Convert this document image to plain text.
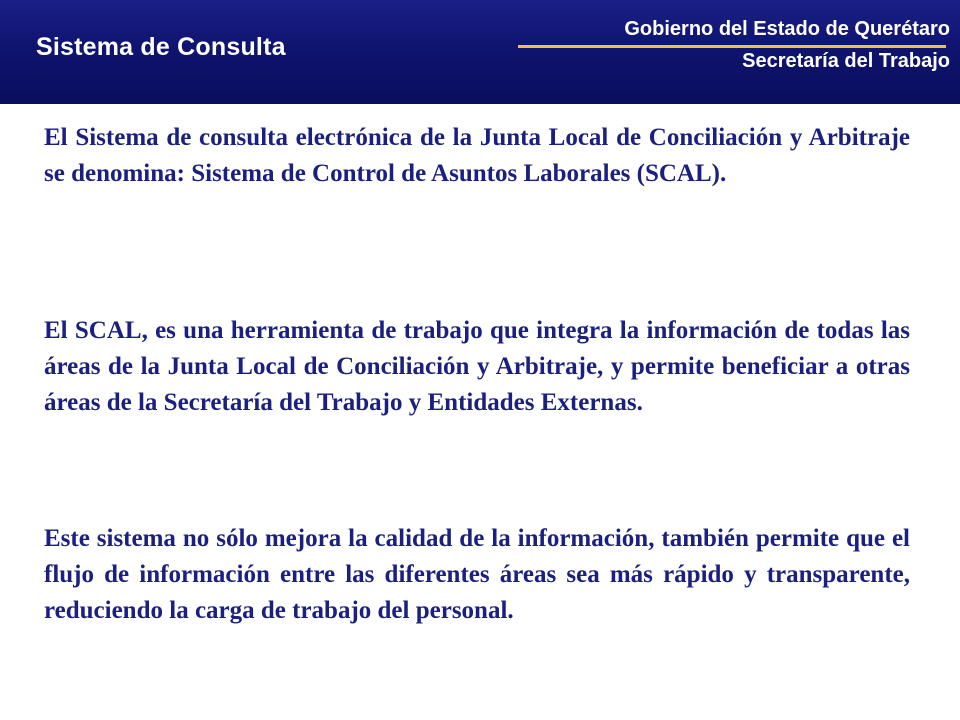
Sistema de Consulta
Gobierno del Estado de Querétaro
Secretaría del Trabajo

El Sistema de consulta electrónica de la Junta Local de Conciliación y Arbitraje se denomina: Sistema de Control de Asuntos Laborales (SCAL).

El SCAL, es una herramienta de trabajo que integra la información de todas las áreas de la Junta Local de Conciliación y Arbitraje, y permite beneficiar a otras áreas de la Secretaría del Trabajo y Entidades Externas.

Este sistema no sólo mejora la calidad de la información, también permite que el flujo de información entre las diferentes áreas sea más rápido y transparente, reduciendo la carga de trabajo del personal.
